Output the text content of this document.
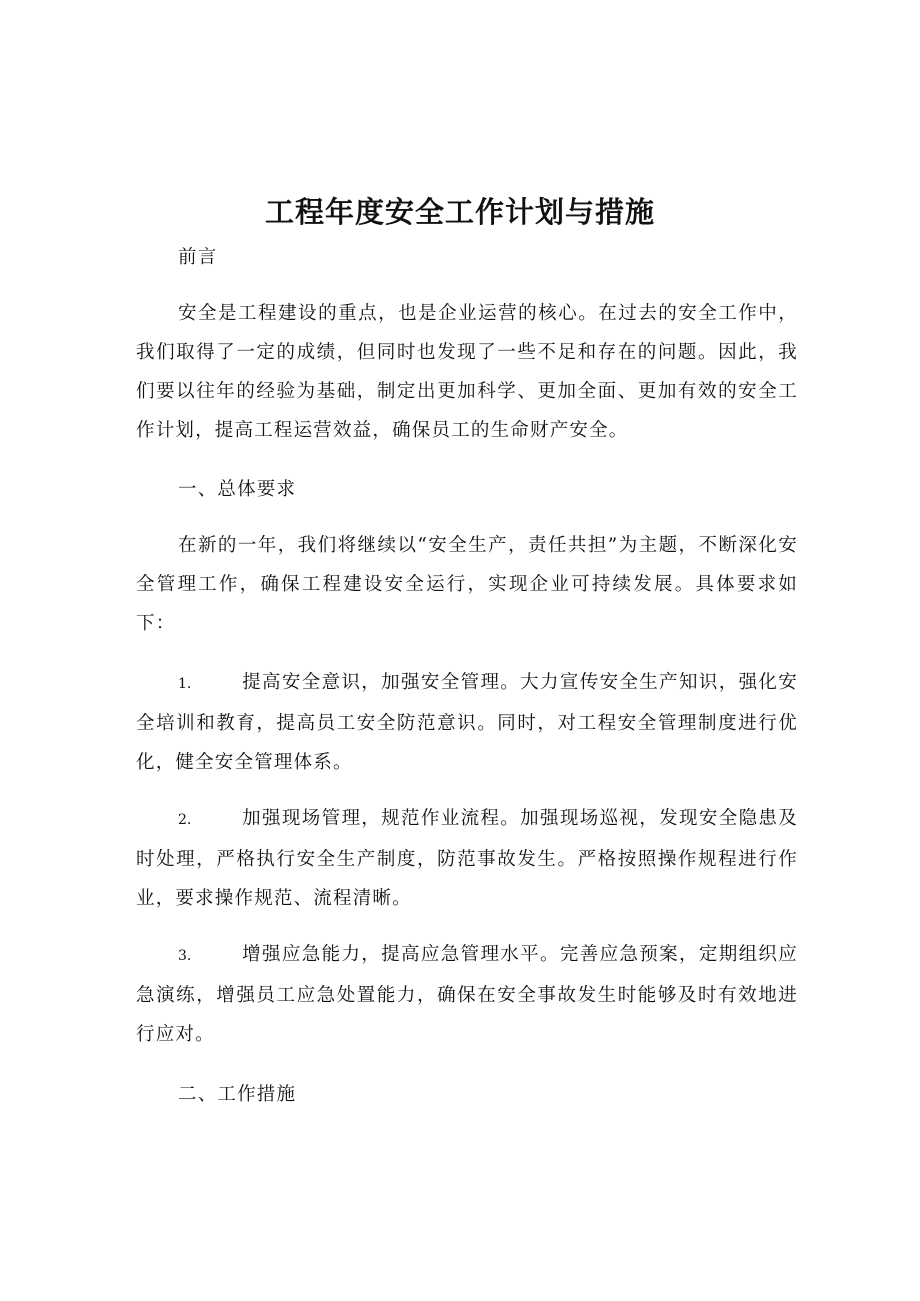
工程年度安全工作计划与措施

前言

安全是工程建设的重点，也是企业运营的核心。在过去的安全工作中，我们取得了一定的成绩，但同时也发现了一些不足和存在的问题。因此，我们要以往年的经验为基础，制定出更加科学、更加全面、更加有效的安全工作计划，提高工程运营效益，确保员工的生命财产安全。

一、总体要求

在新的一年，我们将继续以“安全生产，责任共担”为主题，不断深化安全管理工作，确保工程建设安全运行，实现企业可持续发展。具体要求如下：

1.	提高安全意识，加强安全管理。大力宣传安全生产知识，强化安全培训和教育，提高员工安全防范意识。同时，对工程安全管理制度进行优化，健全安全管理体系。

2.	加强现场管理，规范作业流程。加强现场巡视，发现安全隐患及时处理，严格执行安全生产制度，防范事故发生。严格按照操作规程进行作业，要求操作规范、流程清晰。

3.	增强应急能力，提高应急管理水平。完善应急预案，定期组织应急演练，增强员工应急处置能力，确保在安全事故发生时能够及时有效地进行应对。

二、工作措施
